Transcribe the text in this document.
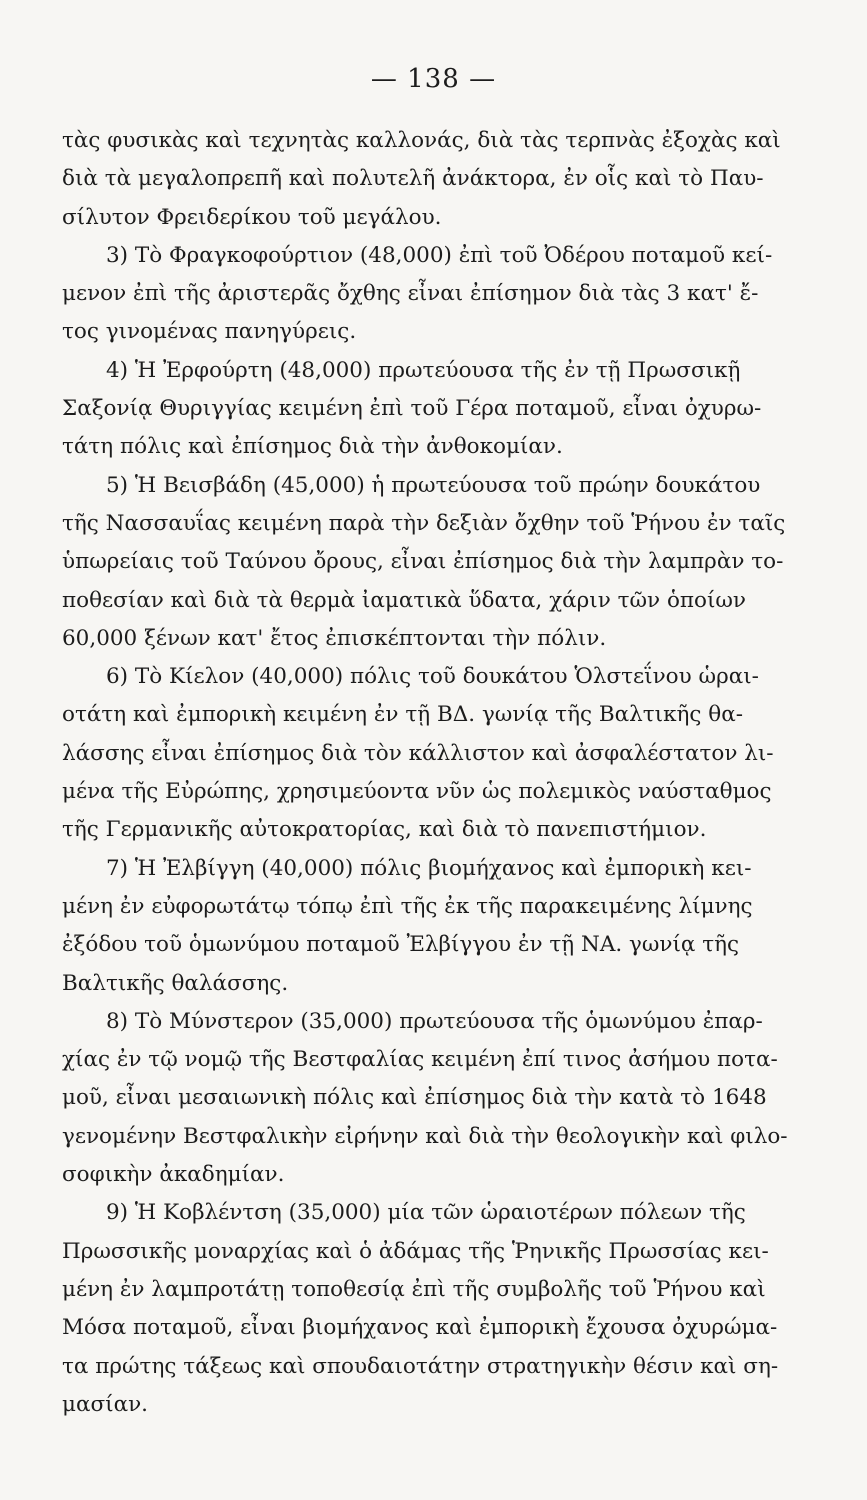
— 138 —
τὰς φυσικὰς καὶ τεχνητὰς καλλονάς, διὰ τὰς τερπνὰς ἐξοχὰς καὶ
διὰ τὰ μεγαλοπρεπῆ καὶ πολυτελῆ ἀνάκτορα, ἐν οἷς καὶ τὸ Παυ-
σίλυτον Φρειδερίκου τοῦ μεγάλου.
3) Τὸ Φραγκοφούρτιον (48,000) ἐπὶ τοῦ Ὀδέρου ποταμοῦ κεί-
μενον ἐπὶ τῆς ἀριστερᾶς ὄχθης εἶναι ἐπίσημον διὰ τὰς 3 κατ' ἔ-
τος γινομένας πανηγύρεις.
4) Ἡ Ἐρφούρτη (48,000) πρωτεύουσα τῆς ἐν τῇ Πρωσσικῇ
Σαξονίᾳ Θυριγγίας κειμένη ἐπὶ τοῦ Γέρα ποταμοῦ, εἶναι ὀχυρω-
τάτη πόλις καὶ ἐπίσημος διὰ τὴν ἀνθοκομίαν.
5) Ἡ Βεισβάδη (45,000) ἡ πρωτεύουσα τοῦ πρώην δουκάτου
τῆς Νασσαυΐας κειμένη παρὰ τὴν δεξιὰν ὄχθην τοῦ Ῥήνου ἐν ταῖς
ὑπωρείαις τοῦ Ταύνου ὄρους, εἶναι ἐπίσημος διὰ τὴν λαμπρὰν το-
ποθεσίαν καὶ διὰ τὰ θερμὰ ἰαματικὰ ὕδατα, χάριν τῶν ὁποίων
60,000 ξένων κατ' ἔτος ἐπισκέπτονται τὴν πόλιν.
6) Τὸ Κίελον (40,000) πόλις τοῦ δουκάτου Ὁλστεΐνου ὡραι-
οτάτη καὶ ἐμπορικὴ κειμένη ἐν τῇ ΒΔ. γωνίᾳ τῆς Βαλτικῆς θα-
λάσσης εἶναι ἐπίσημος διὰ τὸν κάλλιστον καὶ ἀσφαλέστατον λι-
μένα τῆς Εὐρώπης, χρησιμεύοντα νῦν ὡς πολεμικὸς ναύσταθμος
τῆς Γερμανικῆς αὐτοκρατορίας, καὶ διὰ τὸ πανεπιστήμιον.
7) Ἡ Ἐλβίγγη (40,000) πόλις βιομήχανος καὶ ἐμπορικὴ κει-
μένη ἐν εὐφορωτάτῳ τόπῳ ἐπὶ τῆς ἐκ τῆς παρακειμένης λίμνης
ἐξόδου τοῦ ὁμωνύμου ποταμοῦ Ἐλβίγγου ἐν τῇ ΝΑ. γωνίᾳ τῆς
Βαλτικῆς θαλάσσης.
8) Τὸ Μύνστερον (35,000) πρωτεύουσα τῆς ὁμωνύμου ἐπαρ-
χίας ἐν τῷ νομῷ τῆς Βεστφαλίας κειμένη ἐπί τινος ἀσήμου ποτα-
μοῦ, εἶναι μεσαιωνικὴ πόλις καὶ ἐπίσημος διὰ τὴν κατὰ τὸ 1648
γενομένην Βεστφαλικὴν εἰρήνην καὶ διὰ τὴν θεολογικὴν καὶ φιλο-
σοφικὴν ἀκαδημίαν.
9) Ἡ Κοβλέντση (35,000) μία τῶν ὡραιοτέρων πόλεων τῆς
Πρωσσικῆς μοναρχίας καὶ ὁ ἀδάμας τῆς Ῥηνικῆς Πρωσσίας κει-
μένη ἐν λαμπροτάτῃ τοποθεσίᾳ ἐπὶ τῆς συμβολῆς τοῦ Ῥήνου καὶ
Μόσα ποταμοῦ, εἶναι βιομήχανος καὶ ἐμπορικὴ ἔχουσα ὀχυρώμα-
τα πρώτης τάξεως καὶ σπουδαιοτάτην στρατηγικὴν θέσιν καὶ ση-
μασίαν.
